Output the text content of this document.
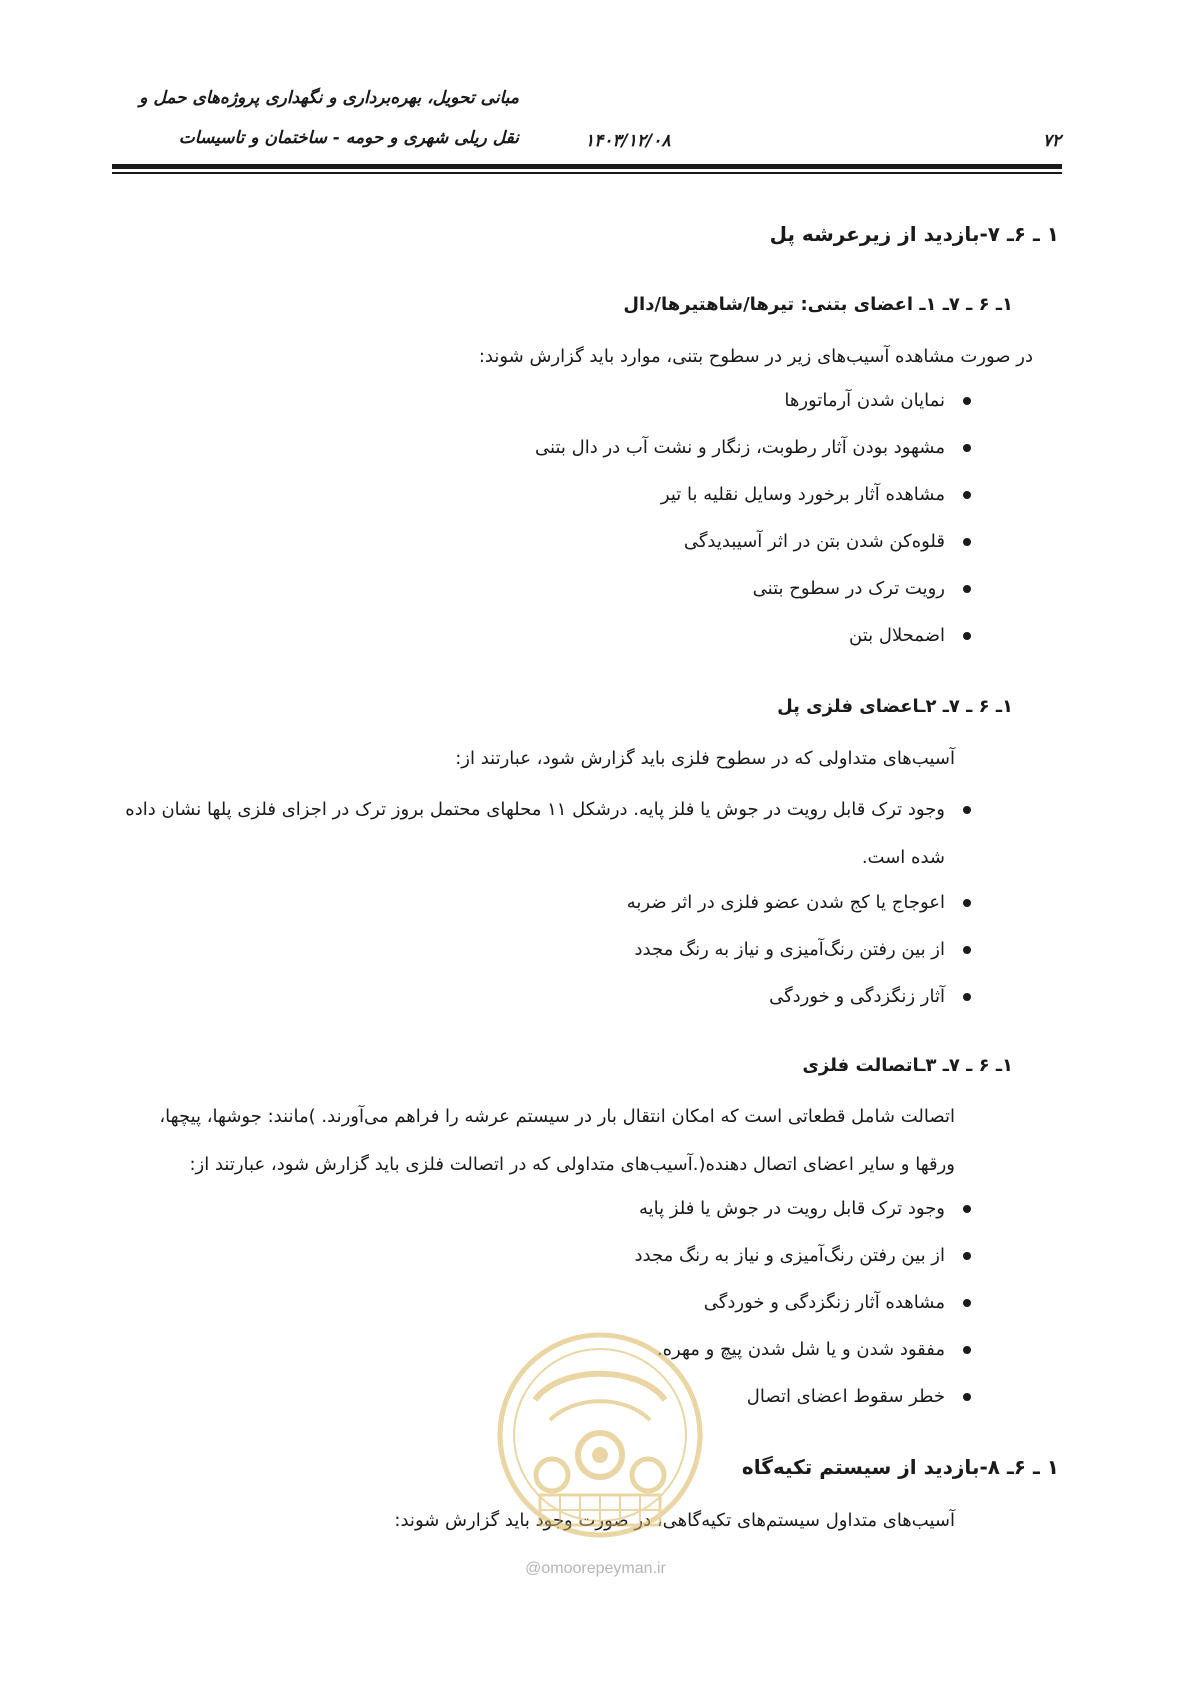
مبانی تحویل، بهره‌برداری و نگهداری پروژه‌های حمل و
نقل ریلی شهری و حومه - ساختمان و تاسیسات	۱۴۰۳/۱۲/۰۸	۷۲
۱ ـ ۶ـ ۷-بازدید از زیرعرشه پل
۱ـ ۶ ـ ۷ـ ۱ـ اعضای بتنی: تیرها/شاهتیرها/دال
در صورت مشاهده آسیب‌های زیر در سطوح بتنی، موارد باید گزارش شوند:
نمایان شدن آرماتورها
مشهود بودن آثار رطوبت، زنگار و نشت آب در دال بتنی
مشاهده آثار برخورد وسایل نقلیه با تیر
قلوه‌کن شدن بتن در اثر آسیبدیدگی
رویت ترک در سطوح بتنی
اضمحلال بتن
۱ـ ۶ ـ ۷ـ ۲ـاعضای فلزی پل
آسیب‌های متداولی که در سطوح فلزی باید گزارش شود، عبارتند از:
وجود ترک قابل رویت در جوش یا فلز پایه. درشکل ۱۱ محلهای محتمل بروز ترک در اجزای فلزی پلها نشان داده شده است.
اعوجاج یا کج شدن عضو فلزی در اثر ضربه
از بین رفتن رنگ‌آمیزی و نیاز به رنگ مجدد
آثار زنگزدگی و خوردگی
۱ـ ۶ ـ ۷ـ ۳ـاتصالت فلزی
اتصالت شامل قطعاتی است که امکان انتقال بار در سیستم عرشه را فراهم می‌آورند. )مانند: جوشها، پیچها،
ورقها و سایر اعضای اتصال دهنده(.آسیب‌های متداولی که در اتصالت فلزی باید گزارش شود، عبارتند از:
وجود ترک قابل رویت در جوش یا فلز پایه
از بین رفتن رنگ‌آمیزی و نیاز به رنگ مجدد
مشاهده آثار زنگزدگی و خوردگی
مفقود شدن و یا شل شدن پیچ و مهره.
خطر سقوط اعضای اتصال
۱ ـ ۶ـ ۸-بازدید از سیستم تکیه‌گاه
آسیب‌های متداول سیستم‌های تکیه‌گاهی، در صورت وجود باید گزارش شوند:
@omoorepeyman.ir
